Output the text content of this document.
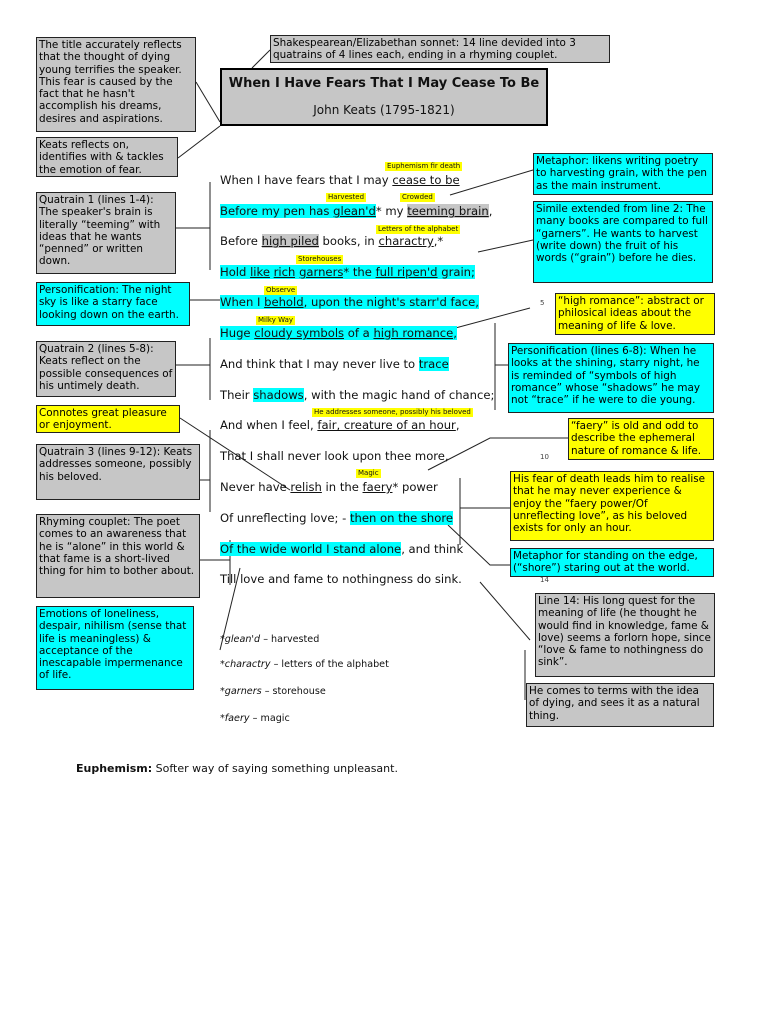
When I Have Fears That I May Cease To Be
John Keats (1795-1821)
The title accurately reflects that the thought of dying young terrifies the speaker. This fear is caused by the fact that he hasn't accomplish his dreams, desires and aspirations.
Keats reflects on, identifies with & tackles the emotion of fear.
Quatrain 1 (lines 1-4): The speaker's brain is literally “teeming” with ideas that he wants “penned” or written down.
Personification: The night sky is like a starry face looking down on the earth.
Quatrain 2 (lines 5-8): Keats reflect on the possible consequences of his untimely death.
Connotes great pleasure or enjoyment.
Quatrain 3 (lines 9-12): Keats addresses someone, possibly his beloved.
Rhyming couplet: The poet comes to an awareness that he is “alone” in this world & that fame is a short-lived thing for him to bother about.
Emotions of loneliness, despair, nihilism (sense that life is meaningless) & acceptance of the inescapable impermenance of life.
Shakespearean/Elizabethan sonnet: 14 line devided into 3 quatrains of 4 lines each, ending in a rhyming couplet.
Metaphor: likens writing poetry to harvesting grain, with the pen as the main instrument.
Simile extended from line 2: The many books are compared to full “garners”. He wants to harvest (write down) the fruit of his words (“grain”) before he dies.
“high romance”: abstract or philosical ideas about the meaning of life & love.
Personification (lines 6-8): When he looks at the shining, starry night, he is reminded of “symbols of high romance” whose “shadows” he may not “trace” if he were to die young.
“faery” is old and odd to describe the ephemeral nature of romance & life.
His fear of death leads him to realise that he may never experience & enjoy the “faery power/Of unreflecting love”, as his beloved exists for only an hour.
Metaphor for standing on the edge, (“shore”) staring out at the world.
Line 14: His long quest for the meaning of life (he thought he would find in knowledge, fame & love) seems a forlorn hope, since “love & fame to nothingness do sink”.
He comes to terms with the idea of dying, and sees it as a natural thing.
Euphemism fir death
Harvested	Crowded
Letters of the alphabet
Storehouses
Observe
Milky Way
He addresses someone, possibly his beloved
Magic
When I have fears that I may cease to be
Before my pen has glean'd* my teeming brain,
Before high piled books, in charactry,*
Hold like rich garners* the full ripen'd grain;
When I behold, upon the night's starr'd face,	5
Huge cloudy symbols of a high romance,
And think that I may never live to trace
Their shadows, with the magic hand of chance;
And when I feel, fair, creature of an hour,
That I shall never look upon thee more,	10
Never have relish in the faery* power
Of unreflecting love; - then on the shore
Of the wide world I stand alone, and think
Till love and fame to nothingness do sink.	14
*glean'd – harvested
*charactry – letters of the alphabet
*garners – storehouse
*faery – magic
Euphemism: Softer way of saying something unpleasant.
